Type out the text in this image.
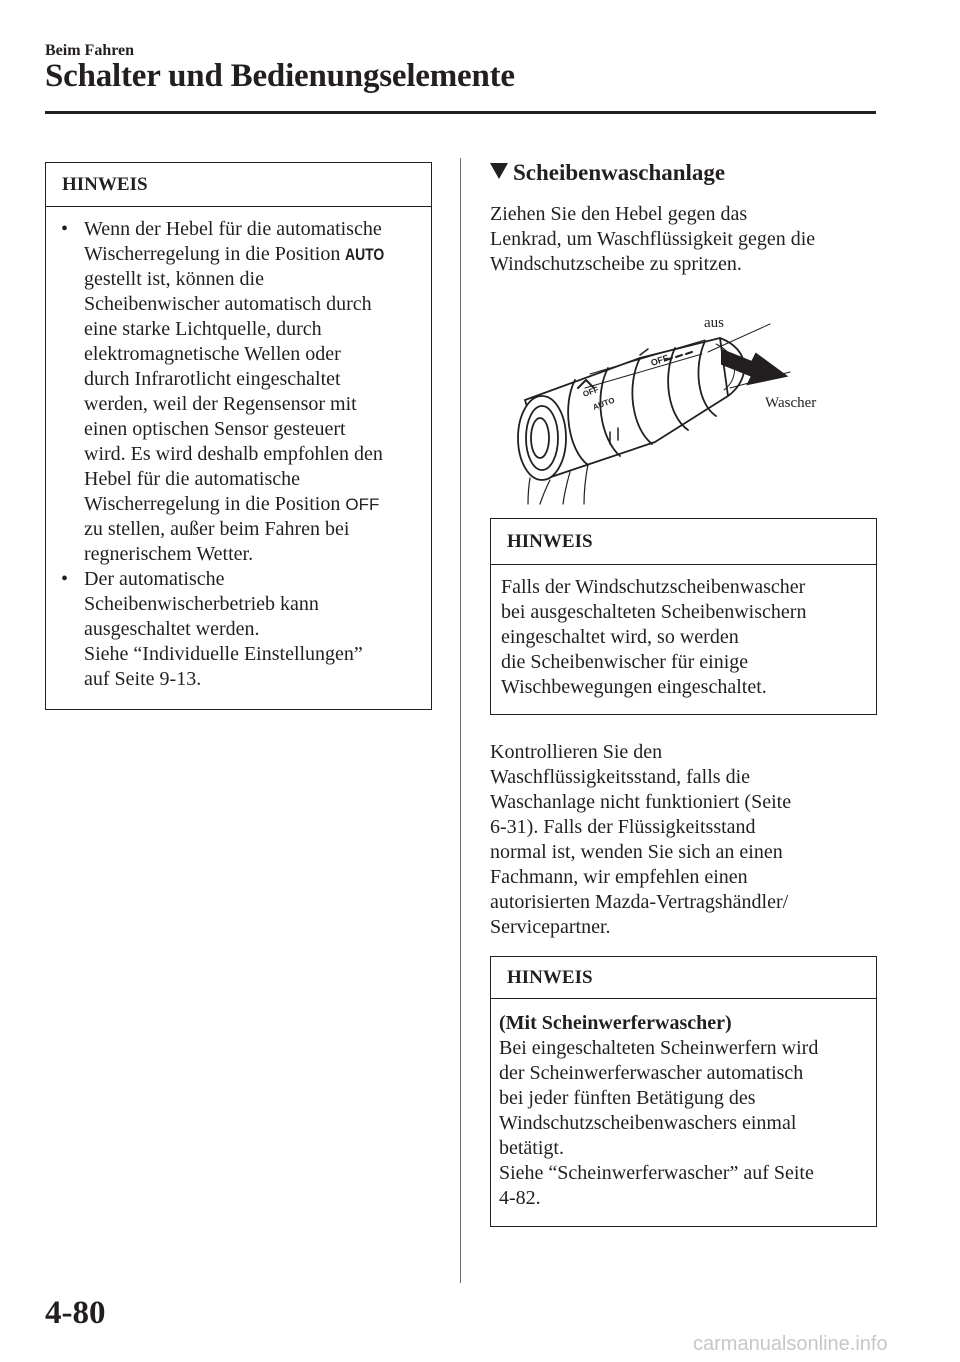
Beim Fahren
Schalter und Bedienungselemente
HINWEIS
• Wenn der Hebel für die automatische
Wischerregelung in die Position AUTO
gestellt ist, können die
Scheibenwischer automatisch durch
eine starke Lichtquelle, durch
elektromagnetische Wellen oder
durch Infrarotlicht eingeschaltet
werden, weil der Regensensor mit
einen optischen Sensor gesteuert
wird. Es wird deshalb empfohlen den
Hebel für die automatische
Wischerregelung in die Position OFF
zu stellen, außer beim Fahren bei
regnerischem Wetter.
• Der automatische
Scheibenwischerbetrieb kann
ausgeschaltet werden.
Siehe “Individuelle Einstellungen”
auf Seite 9-13.
Scheibenwaschanlage
Ziehen Sie den Hebel gegen das
Lenkrad, um Waschflüssigkeit gegen die
Windschutzscheibe zu spritzen.
OFF
OFF
AUTO
aus
Wascher
HINWEIS
Falls der Windschutzscheibenwascher
bei ausgeschalteten Scheibenwischern
eingeschaltet wird, so werden
die Scheibenwischer für einige
Wischbewegungen eingeschaltet.
Kontrollieren Sie den
Waschflüssigkeitsstand, falls die
Waschanlage nicht funktioniert (Seite
6-31). Falls der Flüssigkeitsstand
normal ist, wenden Sie sich an einen
Fachmann, wir empfehlen einen
autorisierten Mazda-Vertragshändler/
Servicepartner.
HINWEIS
(Mit Scheinwerferwascher)
Bei eingeschalteten Scheinwerfern wird
der Scheinwerferwascher automatisch
bei jeder fünften Betätigung des
Windschutzscheibenwaschers einmal
betätigt.
Siehe “Scheinwerferwascher” auf Seite
4-82.
4-80
carmanualsonline.info
